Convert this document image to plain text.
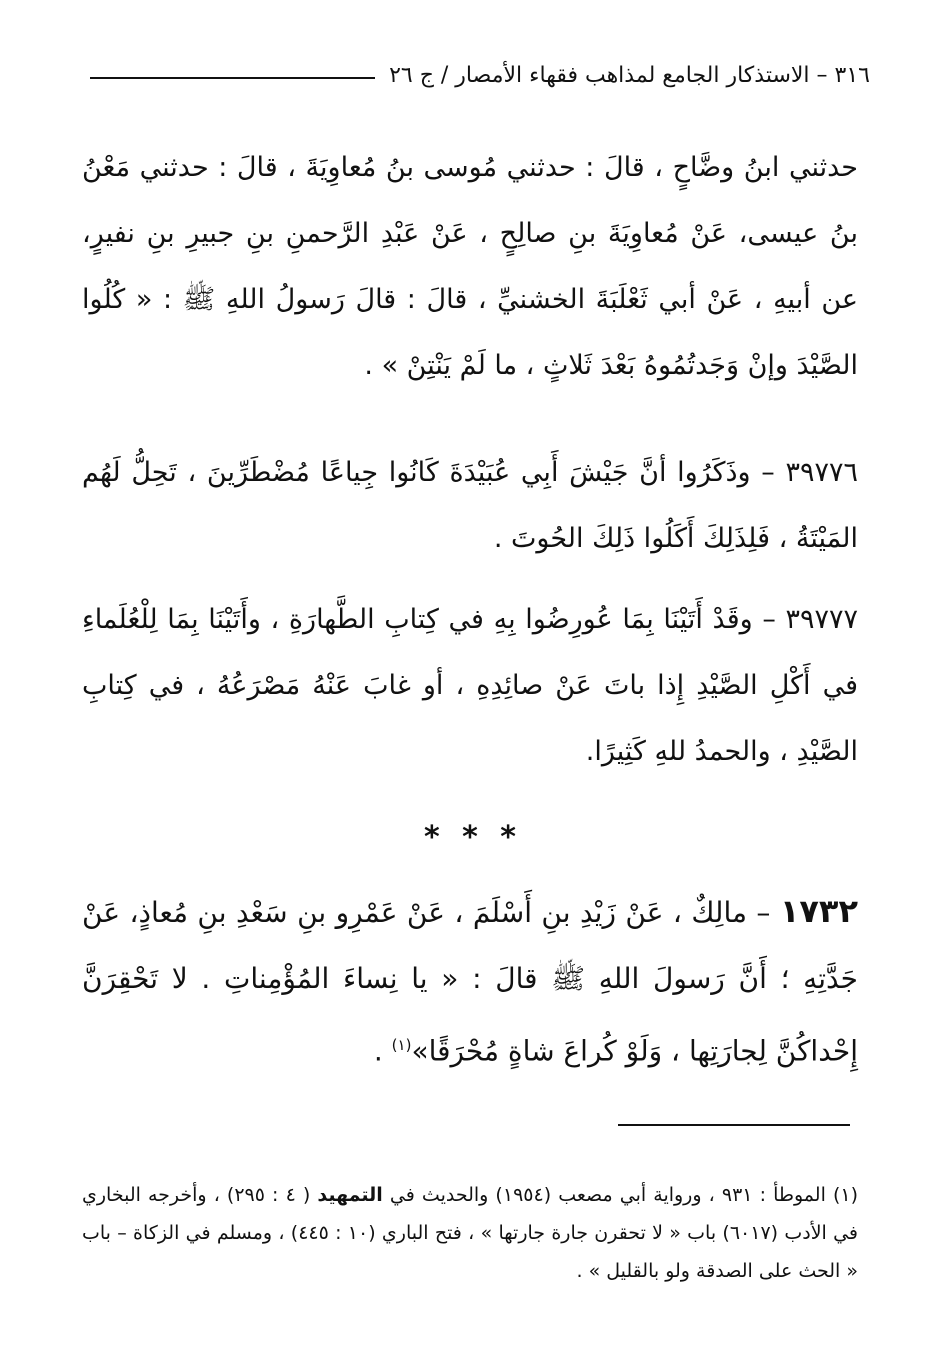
٣١٦ – الاستذكار الجامع لمذاهب فقهاء الأمصار / ج ٢٦
حدثني ابنُ وضَّاحٍ ، قالَ : حدثني مُوسى بنُ مُعاوِيَةَ ، قالَ : حدثني مَعْنُ بنُ عيسى، عَنْ مُعاوِيَةَ بنِ صالِحٍ ، عَنْ عَبْدِ الرَّحمنِ بنِ جبيرِ بنِ نفيرٍ، عن أبيهِ ، عَنْ أبي ثَعْلَبَةَ الخشنيِّ ، قالَ : قالَ رَسولُ اللهِ ﷺ : « كُلُوا الصَّيْدَ وإنْ وَجَدتُمُوهُ بَعْدَ ثَلاثٍ ، ما لَمْ يَنْتِنْ » .
٣٩٧٧٦ – وذَكَرُوا أنَّ جَيْشَ أَبِي عُبَيْدَةَ كَانُوا جِياعًا مُضْطَرِّينَ ، تَحِلُّ لَهُم المَيْتَةُ ، فَلِذَلِكَ أَكَلُوا ذَلِكَ الحُوتَ .
٣٩٧٧٧ – وقَدْ أَتَيْنَا بِمَا عُورِضُوا بِهِ في كِتابِ الطَّهارَةِ ، وأَتَيْنَا بِمَا لِلْعُلَماءِ في أَكْلِ الصَّيْدِ إِذا باتَ عَنْ صائِدِهِ ، أو غابَ عَنْهُ مَصْرَعُهُ ، في كِتابِ الصَّيْدِ ، والحمدُ للهِ كَثِيرًا.
* * *
١٧٣٢ – مالِكٌ ، عَنْ زَيْدِ بنِ أَسْلَمَ ، عَنْ عَمْرِو بنِ سَعْدِ بنِ مُعاذٍ، عَنْ جَدَّتِهِ ؛ أَنَّ رَسولَ اللهِ ﷺ قالَ : « يا نِساءَ المُؤْمِناتِ . لا تَحْقِرَنَّ إِحْداكُنَّ لِجارَتِها ، وَلَوْ كُراعَ شاةٍ مُحْرَقًا»$^{(١)}$ .
(١) الموطأ : ٩٣١ ، ورواية أبي مصعب (١٩٥٤) والحديث في التمهيد ( ٤ : ٢٩٥) ، وأخرجه البخاري في الأدب (٦٠١٧) باب « لا تحقرن جارة جارتها » ، فتح الباري (١٠ : ٤٤٥) ، ومسلم في الزكاة – باب « الحث على الصدقة ولو بالقليل » .
